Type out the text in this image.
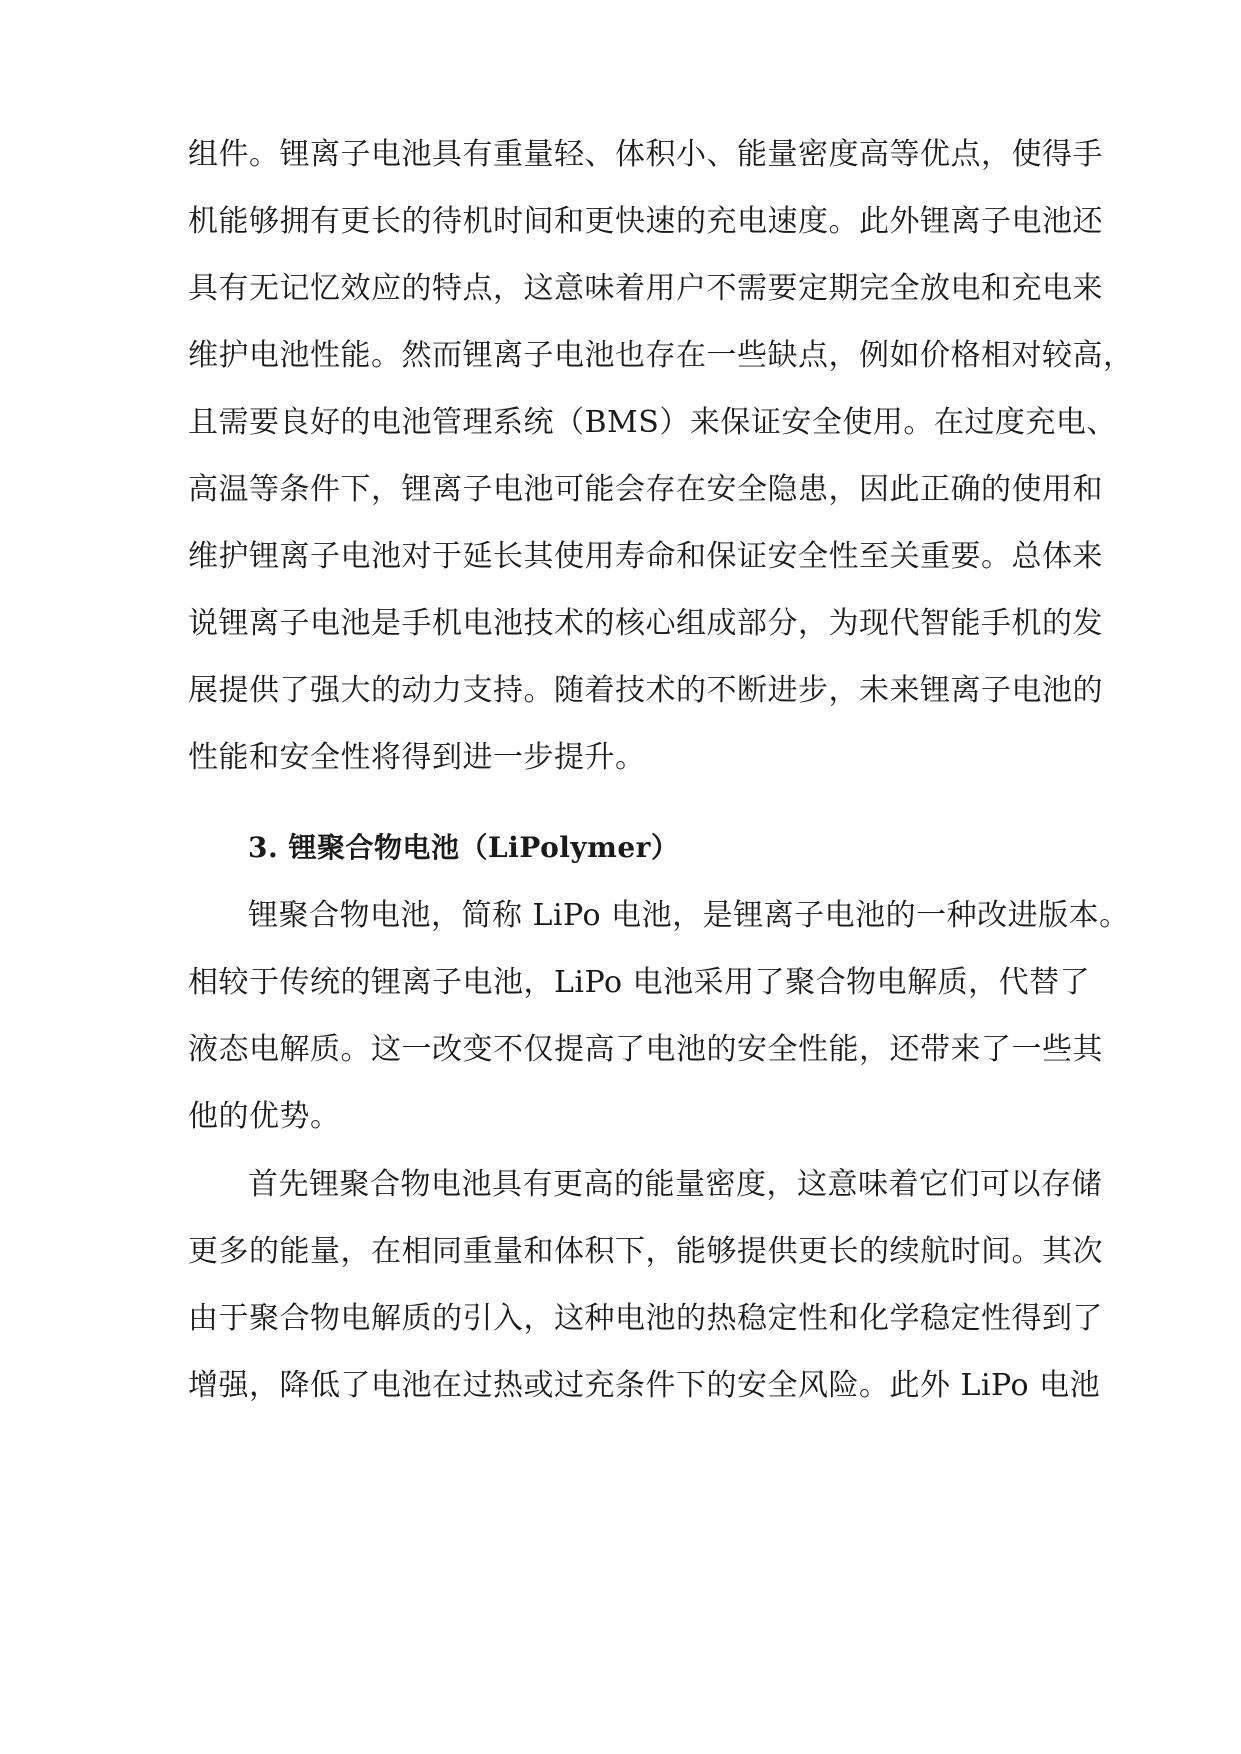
组件。锂离子电池具有重量轻、体积小、能量密度高等优点，使得手
机能够拥有更长的待机时间和更快速的充电速度。此外锂离子电池还
具有无记忆效应的特点，这意味着用户不需要定期完全放电和充电来
维护电池性能。然而锂离子电池也存在一些缺点，例如价格相对较高，
且需要良好的电池管理系统（BMS）来保证安全使用。在过度充电、
高温等条件下，锂离子电池可能会存在安全隐患，因此正确的使用和
维护锂离子电池对于延长其使用寿命和保证安全性至关重要。总体来
说锂离子电池是手机电池技术的核心组成部分，为现代智能手机的发
展提供了强大的动力支持。随着技术的不断进步，未来锂离子电池的
性能和安全性将得到进一步提升。
3. 锂聚合物电池（LiPolymer）
锂聚合物电池，简称 LiPo 电池，是锂离子电池的一种改进版本。
相较于传统的锂离子电池，LiPo 电池采用了聚合物电解质，代替了
液态电解质。这一改变不仅提高了电池的安全性能，还带来了一些其
他的优势。
首先锂聚合物电池具有更高的能量密度，这意味着它们可以存储
更多的能量，在相同重量和体积下，能够提供更长的续航时间。其次
由于聚合物电解质的引入，这种电池的热稳定性和化学稳定性得到了
增强，降低了电池在过热或过充条件下的安全风险。此外 LiPo 电池
